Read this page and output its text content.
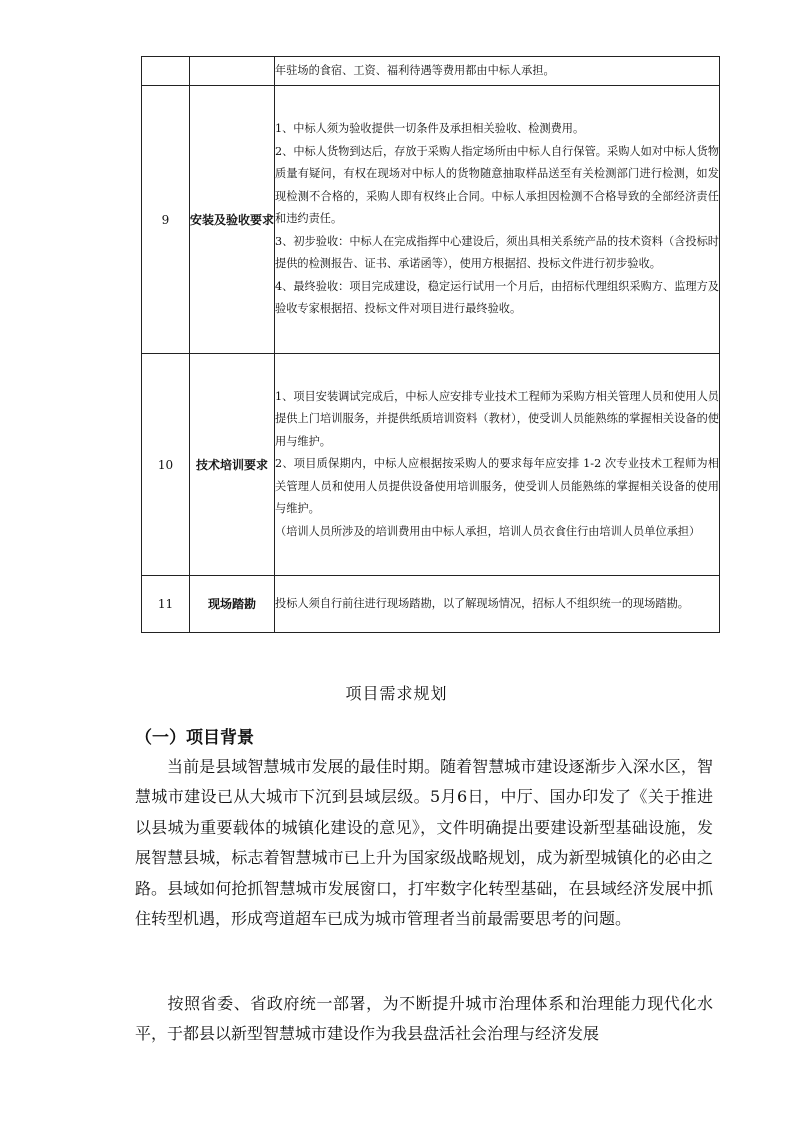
		年驻场的食宿、工资、福利待遇等费用都由中标人承担。

9	安装及验收要求	1、中标人须为验收提供一切条件及承担相关验收、检测费用。

2、中标人货物到达后，存放于采购人指定场所由中标人自行保管。采购人如对中标人货物质量有疑问，有权在现场对中标人的货物随意抽取样品送至有关检测部门进行检测，如发现检测不合格的，采购人即有权终止合同。中标人承担因检测不合格导致的全部经济责任和违约责任。

3、初步验收：中标人在完成指挥中心建设后，须出具相关系统产品的技术资料（含投标时提供的检测报告、证书、承诺函等），使用方根据招、投标文件进行初步验收。

4、最终验收：项目完成建设，稳定运行试用一个月后，由招标代理组织采购方、监理方及验收专家根据招、投标文件对项目进行最终验收。

10	技术培训要求	1、项目安装调试完成后，中标人应安排专业技术工程师为采购方相关管理人员和使用人员提供上门培训服务，并提供纸质培训资料（教材），使受训人员能熟练的掌握相关设备的使用与维护。

2、项目质保期内，中标人应根据按采购人的要求每年应安排 1-2 次专业技术工程师为相关管理人员和使用人员提供设备使用培训服务，使受训人员能熟练的掌握相关设备的使用与维护。

（培训人员所涉及的培训费用由中标人承担，培训人员衣食住行由培训人员单位承担）

11	现场踏勘	投标人须自行前往进行现场踏勘，以了解现场情况，招标人不组织统一的现场踏勘。

项目需求规划
（一）项目背景

当前是县域智慧城市发展的最佳时期。随着智慧城市建设逐渐步入深水区，智慧城市建设已从大城市下沉到县域层级。5月6日，中厅、国办印发了《关于推进以县城为重要载体的城镇化建设的意见》，文件明确提出要建设新型基础设施，发展智慧县城，标志着智慧城市已上升为国家级战略规划，成为新型城镇化的必由之路。县域如何抢抓智慧城市发展窗口，打牢数字化转型基础，在县域经济发展中抓住转型机遇，形成弯道超车已成为城市管理者当前最需要思考的问题。

按照省委、省政府统一部署，为不断提升城市治理体系和治理能力现代化水平，于都县以新型智慧城市建设作为我县盘活社会治理与经济发展
